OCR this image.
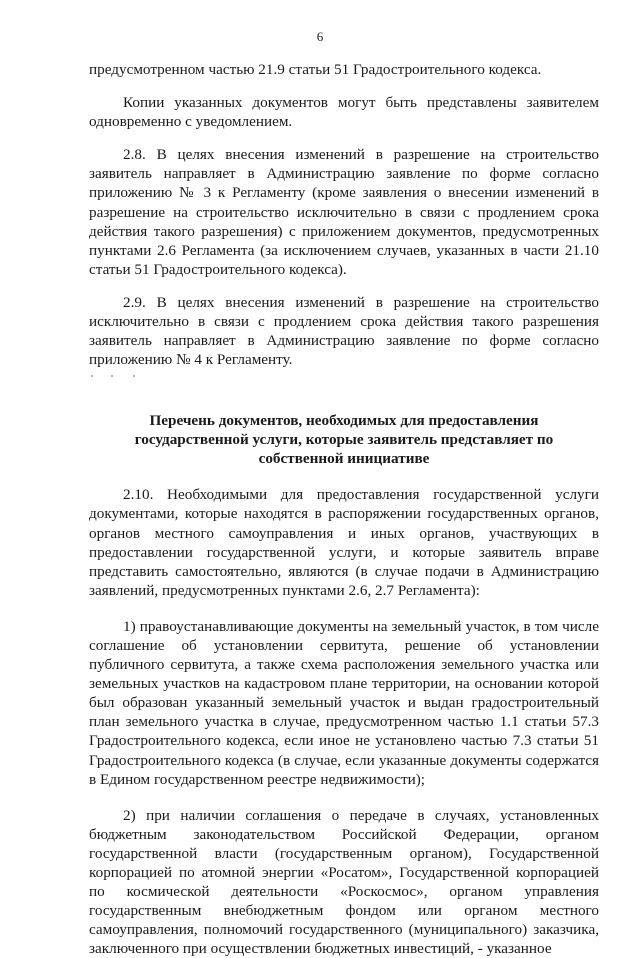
6

предусмотренном частью 21.9 статьи 51 Градостроительного кодекса.

Копии указанных документов могут быть представлены заявителем одновременно с уведомлением.

2.8. В целях внесения изменений в разрешение на строительство заявитель направляет в Администрацию заявление по форме согласно приложению № 3 к Регламенту (кроме заявления о внесении изменений в разрешение на строительство исключительно в связи с продлением срока действия такого разрешения) с приложением документов, предусмотренных пунктами 2.6 Регламента (за исключением случаев, указанных в части 21.10 статьи 51 Градостроительного кодекса).

2.9. В целях внесения изменений в разрешение на строительство исключительно в связи с продлением срока действия такого разрешения заявитель направляет в Администрацию заявление по форме согласно приложению № 4 к Регламенту.

Перечень документов, необходимых для предоставления государственной услуги, которые заявитель представляет по собственной инициативе

2.10. Необходимыми для предоставления государственной услуги документами, которые находятся в распоряжении государственных органов, органов местного самоуправления и иных органов, участвующих в предоставлении государственной услуги, и которые заявитель вправе представить самостоятельно, являются (в случае подачи в Администрацию заявлений, предусмотренных пунктами 2.6, 2.7 Регламента):

1) правоустанавливающие документы на земельный участок, в том числе соглашение об установлении сервитута, решение об установлении публичного сервитута, а также схема расположения земельного участка или земельных участков на кадастровом плане территории, на основании которой был образован указанный земельный участок и выдан градостроительный план земельного участка в случае, предусмотренном частью 1.1 статьи 57.3 Градостроительного кодекса, если иное не установлено частью 7.3 статьи 51 Градостроительного кодекса (в случае, если указанные документы содержатся в Едином государственном реестре недвижимости);

2) при наличии соглашения о передаче в случаях, установленных бюджетным законодательством Российской Федерации, органом государственной власти (государственным органом), Государственной корпорацией по атомной энергии «Росатом», Государственной корпорацией по космической деятельности «Роскосмос», органом управления государственным внебюджетным фондом или органом местного самоуправления, полномочий государственного (муниципального) заказчика, заключенного при осуществлении бюджетных инвестиций, - указанное
